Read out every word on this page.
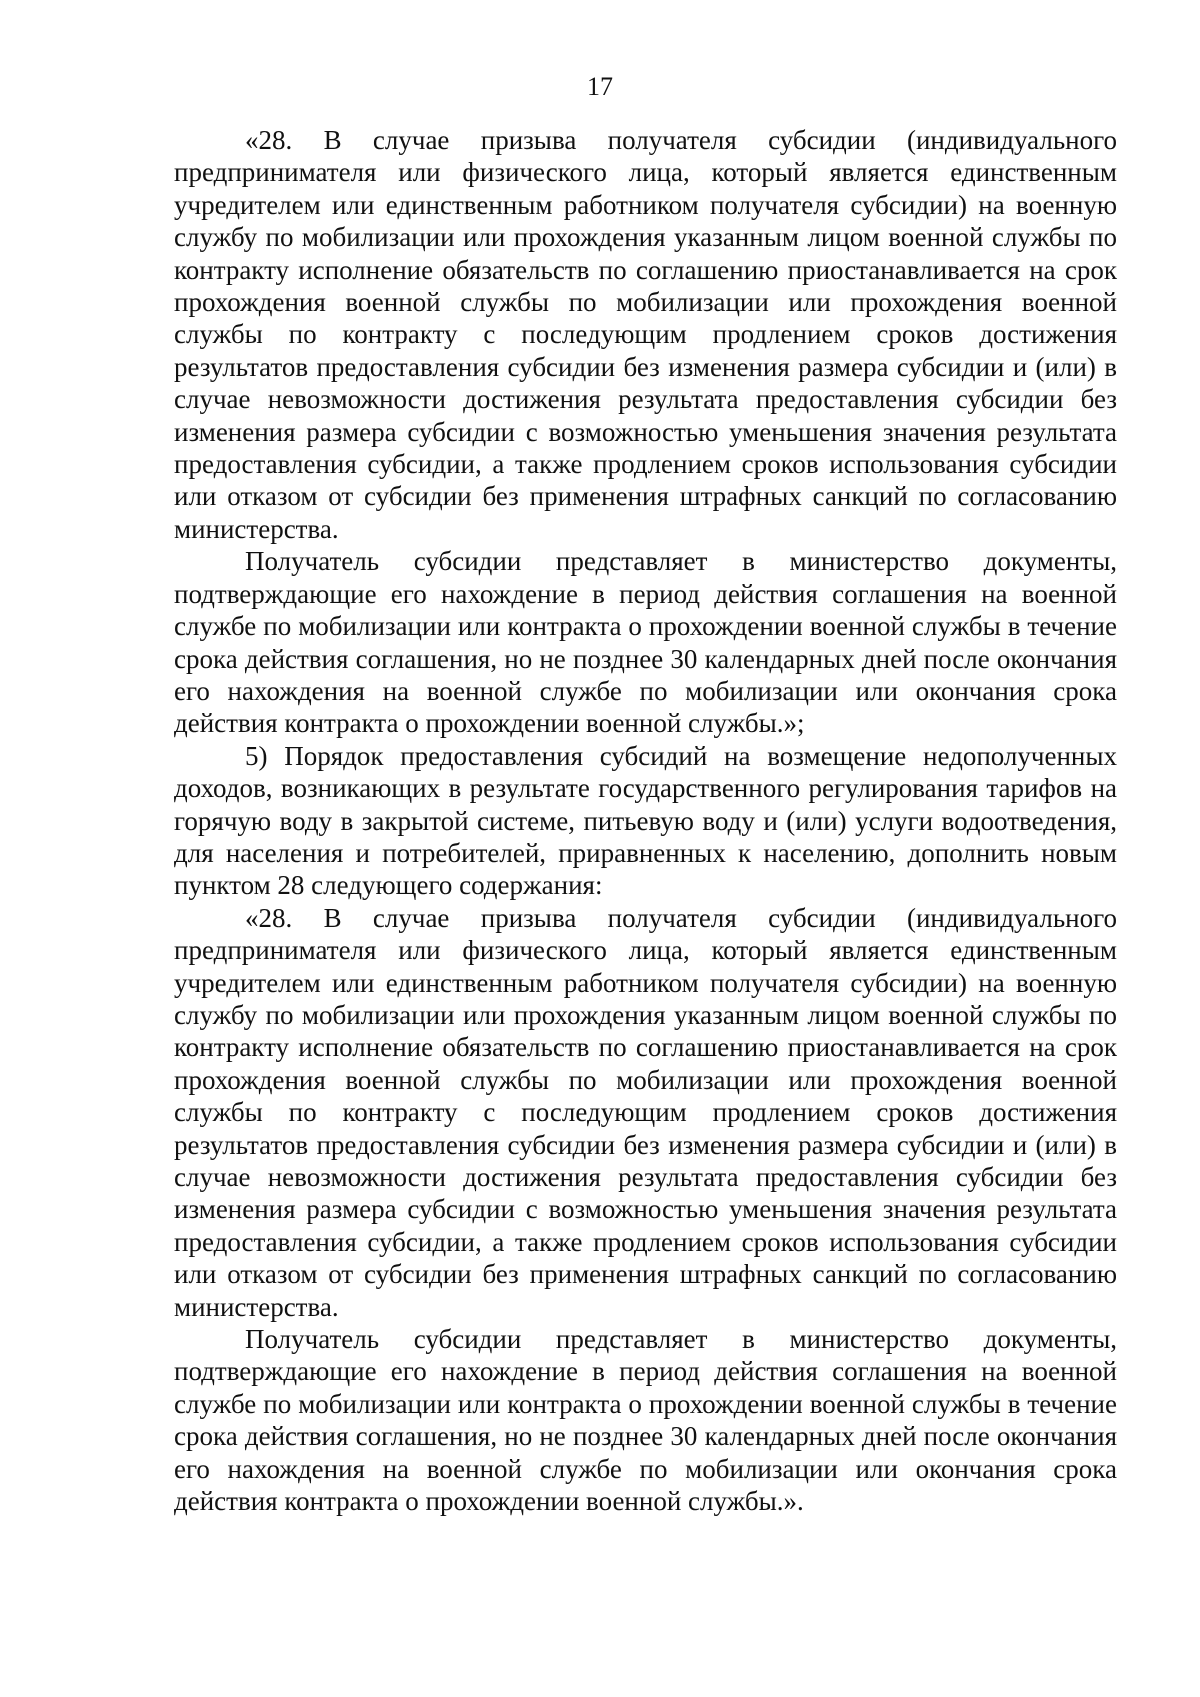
17

«28. В случае призыва получателя субсидии (индивидуального предпринимателя или физического лица, который является единственным учредителем или единственным работником получателя субсидии) на военную службу по мобилизации или прохождения указанным лицом военной службы по контракту исполнение обязательств по соглашению приостанавливается на срок прохождения военной службы по мобилизации или прохождения военной службы по контракту с последующим продлением сроков достижения результатов предоставления субсидии без изменения размера субсидии и (или) в случае невозможности достижения результата предоставления субсидии без изменения размера субсидии с возможностью уменьшения значения результата предоставления субсидии, а также продлением сроков использования субсидии или отказом от субсидии без применения штрафных санкций по согласованию министерства.

Получатель субсидии представляет в министерство документы, подтверждающие его нахождение в период действия соглашения на военной службе по мобилизации или контракта о прохождении военной службы в течение срока действия соглашения, но не позднее 30 календарных дней после окончания его нахождения на военной службе по мобилизации или окончания срока действия контракта о прохождении военной службы.»;

5) Порядок предоставления субсидий на возмещение недополученных доходов, возникающих в результате государственного регулирования тарифов на горячую воду в закрытой системе, питьевую воду и (или) услуги водоотведения, для населения и потребителей, приравненных к населению, дополнить новым пунктом 28 следующего содержания:

«28. В случае призыва получателя субсидии (индивидуального предпринимателя или физического лица, который является единственным учредителем или единственным работником получателя субсидии) на военную службу по мобилизации или прохождения указанным лицом военной службы по контракту исполнение обязательств по соглашению приостанавливается на срок прохождения военной службы по мобилизации или прохождения военной службы по контракту с последующим продлением сроков достижения результатов предоставления субсидии без изменения размера субсидии и (или) в случае невозможности достижения результата предоставления субсидии без изменения размера субсидии с возможностью уменьшения значения результата предоставления субсидии, а также продлением сроков использования субсидии или отказом от субсидии без применения штрафных санкций по согласованию министерства.

Получатель субсидии представляет в министерство документы, подтверждающие его нахождение в период действия соглашения на военной службе по мобилизации или контракта о прохождении военной службы в течение срока действия соглашения, но не позднее 30 календарных дней после окончания его нахождения на военной службе по мобилизации или окончания срока действия контракта о прохождении военной службы.».
